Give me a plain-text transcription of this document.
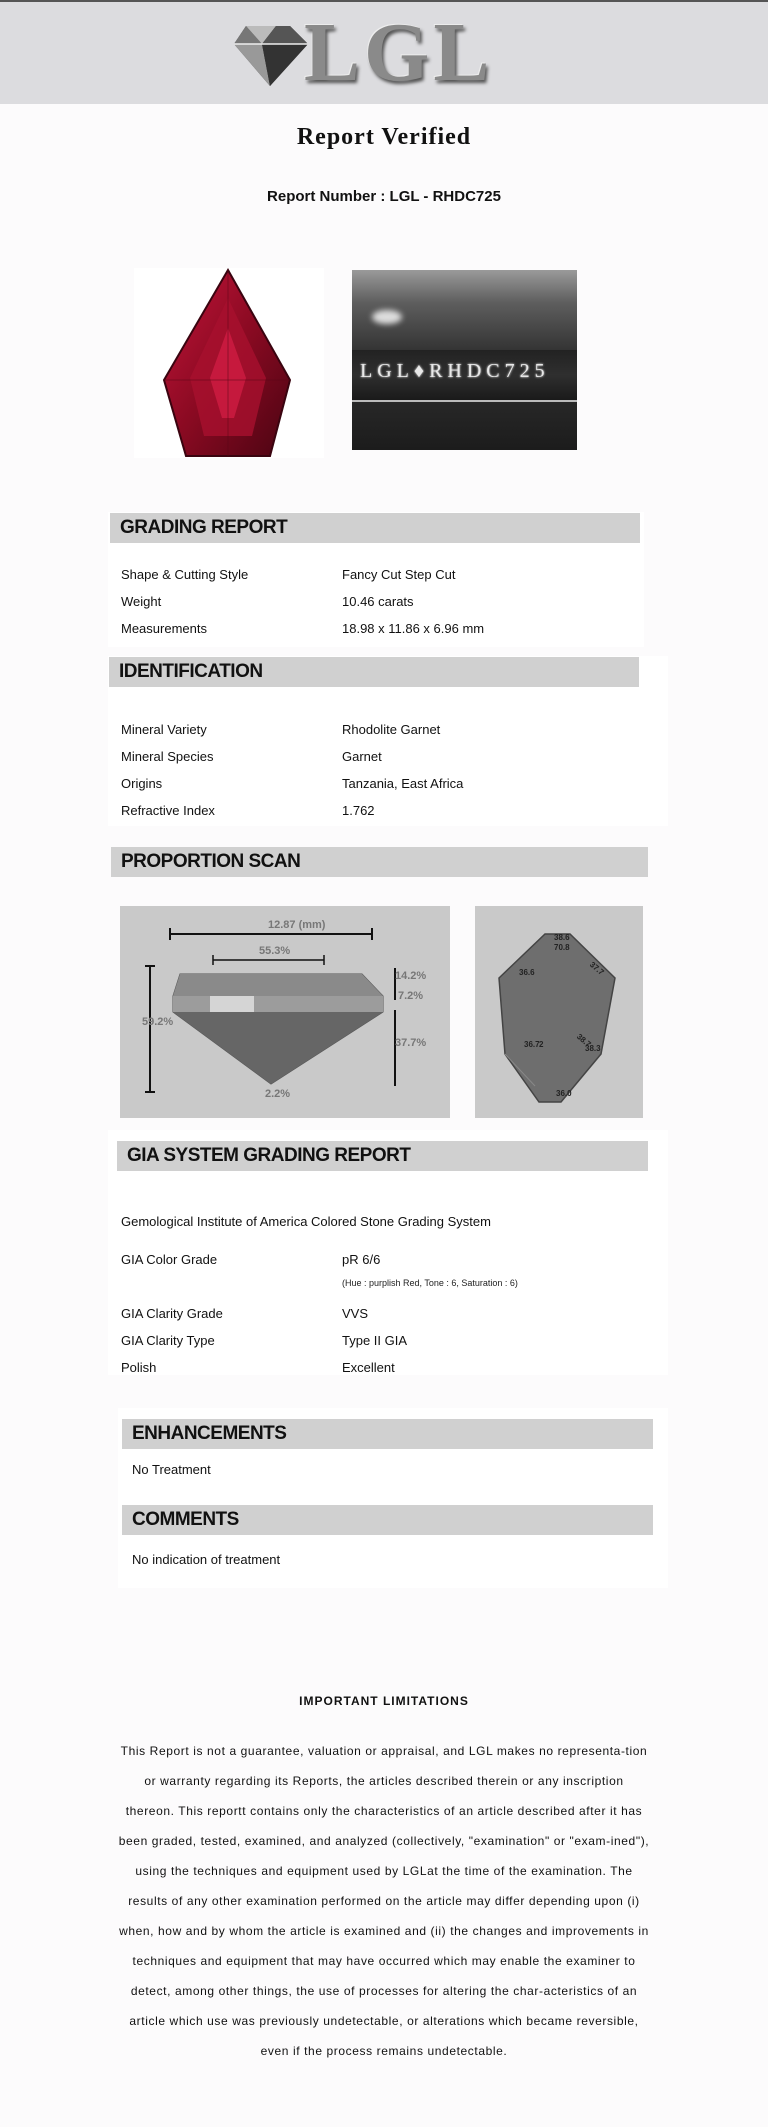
LGL
Report Verified
Report Number : LGL - RHDC725
LGL♦RHDC725
GRADING REPORT
Shape & Cutting Style	Fancy Cut Step Cut
Weight	10.46 carats
Measurements	18.98 x 11.86 x 6.96 mm
IDENTIFICATION
Mineral Variety	Rhodolite Garnet
Mineral Species	Garnet
Origins	Tanzania, East Africa
Refractive Index	1.762
PROPORTION SCAN
12.87 (mm)
55.3%
59.2%
14.2%
7.2%
37.7%
2.2%
38.6
70.8
36.6	37.7
36.7 2	38.7
38.3
36.0
GIA SYSTEM GRADING REPORT
Gemological Institute of America Colored Stone Grading System
GIA Color Grade	pR 6/6
(Hue : purplish Red, Tone : 6, Saturation : 6)
GIA Clarity Grade	VVS
GIA Clarity Type	Type II GIA
Polish	Excellent
ENHANCEMENTS
No Treatment
COMMENTS
No indication of treatment
IMPORTANT LIMITATIONS
This Report is not a guarantee, valuation or appraisal, and LGL makes no representa-tion or warranty regarding its Reports, the articles described therein or any inscription thereon. This reportt contains only the characteristics of an article described after it has been graded, tested, examined, and analyzed (collectively, "examination" or "exam-ined"), using the techniques and equipment used by LGLat the time of the examination. The results of any other examination performed on the article may differ depending upon (i) when, how and by whom the article is examined and (ii) the changes and improvements in techniques and equipment that may have occurred which may enable the examiner to detect, among other things, the use of processes for altering the char-acteristics of an article which use was previously undetectable, or alterations which became reversible, even if the process remains undetectable.
